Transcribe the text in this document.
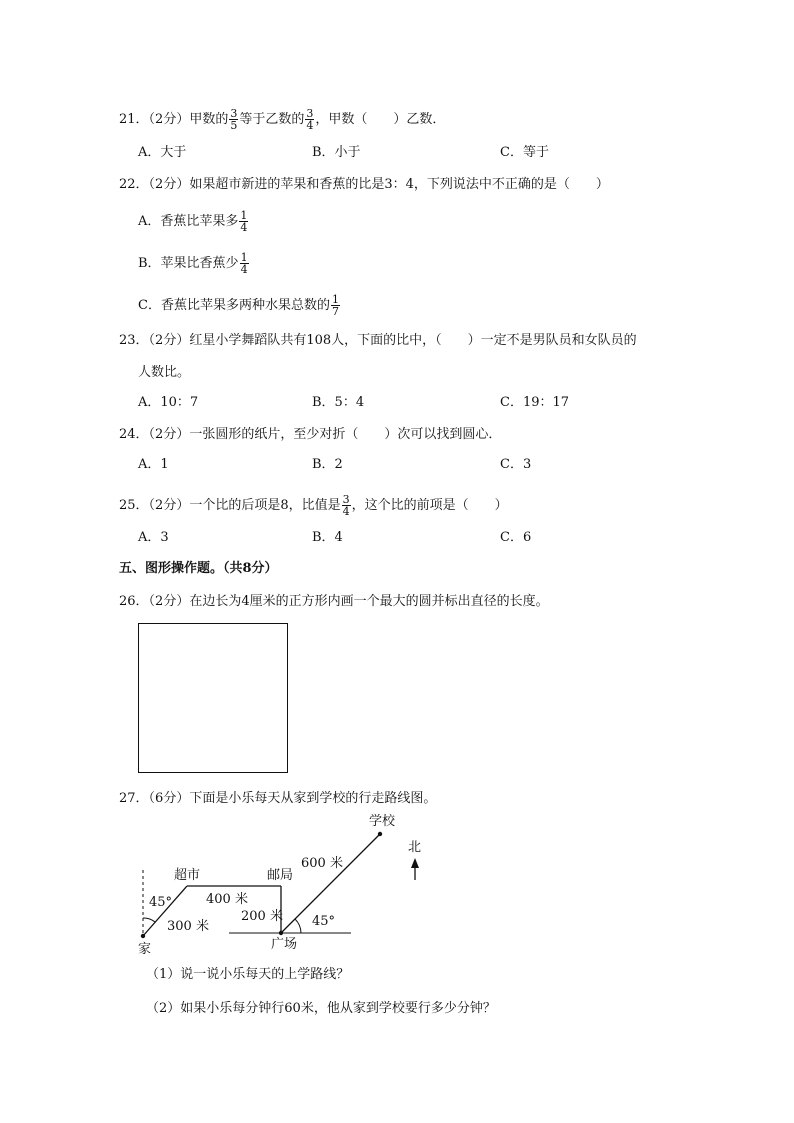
21．（2分）甲数的 $\frac{3}{5}$ 等于乙数的 $\frac{3}{4}$ ，甲数（　　）乙数．
A．大于	B．小于	C．等于
22．（2分）如果超市新进的苹果和香蕉的比是3：4，下列说法中不正确的是（　　）
A．香蕉比苹果多 $\frac{1}{4}$
B．苹果比香蕉少 $\frac{1}{4}$
C．香蕉比苹果多两种水果总数的 $\frac{1}{7}$
23．（2分）红星小学舞蹈队共有108人，下面的比中，（　　）一定不是男队员和女队员的
人数比。
A．10：7	B．5：4	C．19：17
24．（2分）一张圆形的纸片，至少对折（　　）次可以找到圆心．
A．1	B．2	C．3
25．（2分）一个比的后项是8，比值是 $\frac{3}{4}$ ，这个比的前项是（　　）
A．3	B．4	C．6
五、图形操作题。（共8分）
26．（2分）在边长为4厘米的正方形内画一个最大的圆并标出直径的长度。
27．（6分）下面是小乐每天从家到学校的行走路线图。
学校
北
超市	邮局
600 米
400 米
45°
200 米 45°
300 米
家	广场
（1）说一说小乐每天的上学路线？
（2）如果小乐每分钟行60米，他从家到学校要行多少分钟？
